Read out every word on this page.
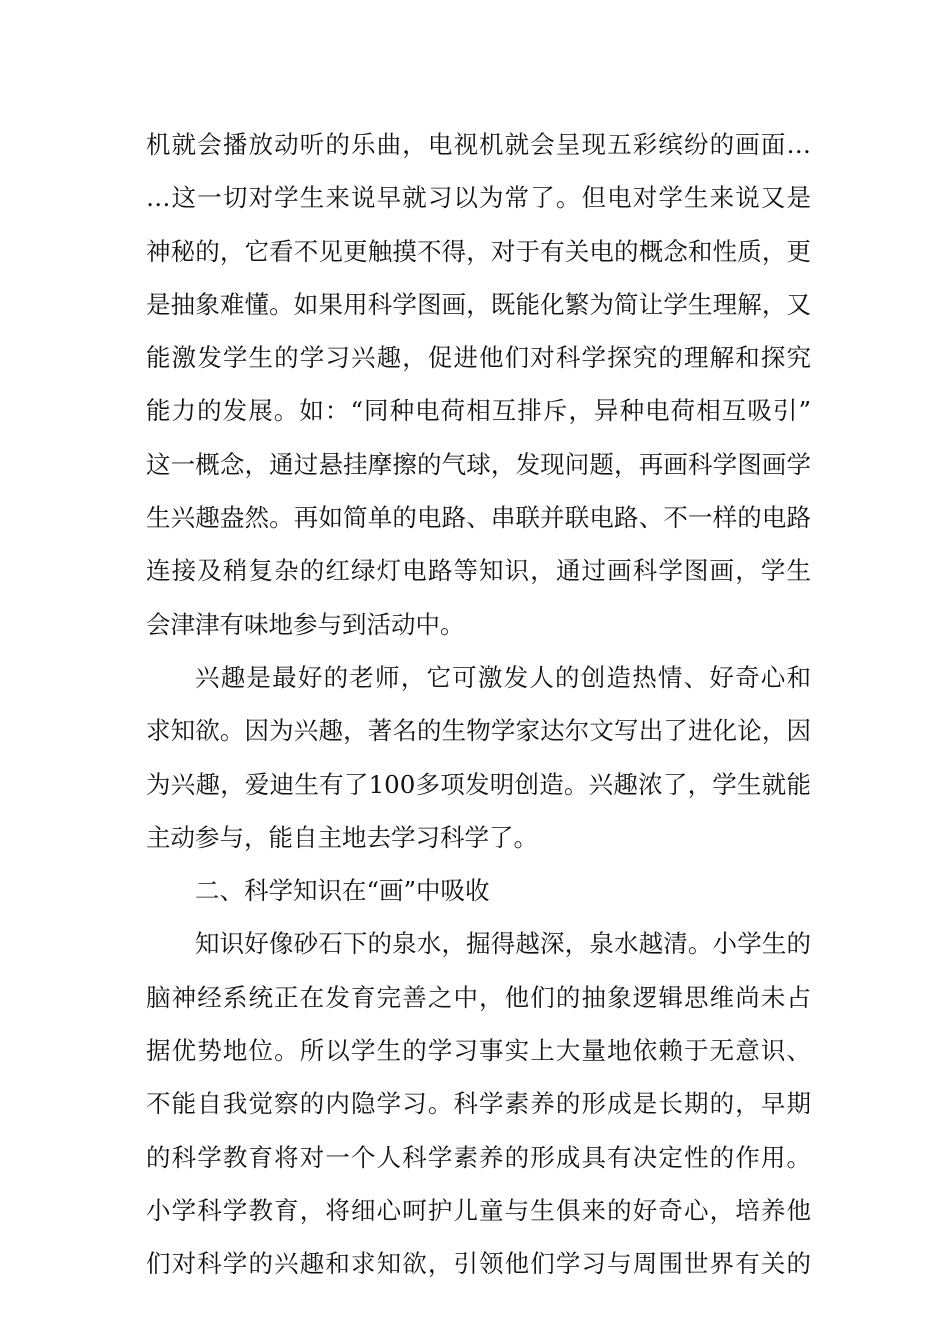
机就会播放动听的乐曲，电视机就会呈现五彩缤纷的画面…
…这一切对学生来说早就习以为常了。但电对学生来说又是
神秘的，它看不见更触摸不得，对于有关电的概念和性质，更
是抽象难懂。如果用科学图画，既能化繁为简让学生理解，又
能激发学生的学习兴趣，促进他们对科学探究的理解和探究
能力的发展。如：“同种电荷相互排斥，异种电荷相互吸引”
这一概念，通过悬挂摩擦的气球，发现问题，再画科学图画学
生兴趣盎然。再如简单的电路、串联并联电路、不一样的电路
连接及稍复杂的红绿灯电路等知识，通过画科学图画，学生
会津津有味地参与到活动中。
兴趣是最好的老师，它可激发人的创造热情、好奇心和
求知欲。因为兴趣，著名的生物学家达尔文写出了进化论，因
为兴趣，爱迪生有了100多项发明创造。兴趣浓了，学生就能
主动参与，能自主地去学习科学了。
二、科学知识在“画”中吸收
知识好像砂石下的泉水，掘得越深，泉水越清。小学生的
脑神经系统正在发育完善之中，他们的抽象逻辑思维尚未占
据优势地位。所以学生的学习事实上大量地依赖于无意识、
不能自我觉察的内隐学习。科学素养的形成是长期的，早期
的科学教育将对一个人科学素养的形成具有决定性的作用。
小学科学教育，将细心呵护儿童与生俱来的好奇心，培养他
们对科学的兴趣和求知欲，引领他们学习与周围世界有关的
